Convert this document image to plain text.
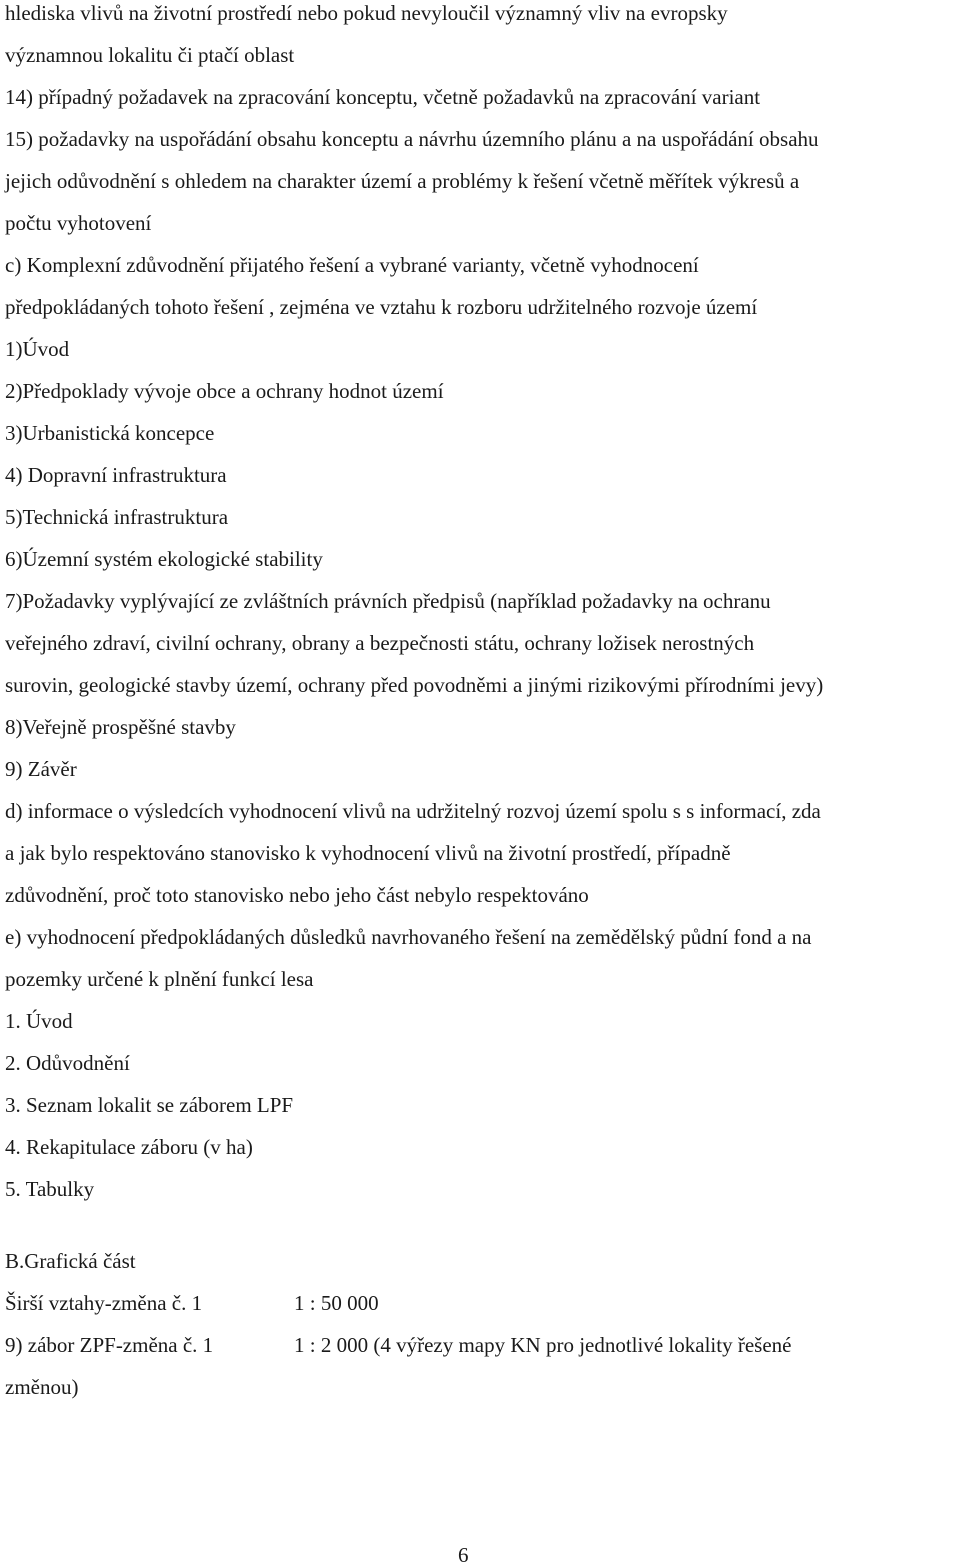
hlediska vlivů na životní prostředí nebo pokud nevyloučil významný vliv na evropsky
významnou lokalitu či ptačí oblast
14) případný požadavek na zpracování konceptu, včetně požadavků na zpracování variant
15) požadavky na uspořádání obsahu konceptu a návrhu územního plánu a na uspořádání obsahu
jejich odůvodnění s ohledem na charakter území a problémy k řešení včetně měřítek výkresů a
počtu vyhotovení
c) Komplexní zdůvodnění přijatého řešení a vybrané varianty, včetně vyhodnocení
předpokládaných tohoto řešení , zejména ve vztahu k rozboru udržitelného rozvoje území
1)Úvod
2)Předpoklady vývoje obce a ochrany hodnot území
3)Urbanistická koncepce
4) Dopravní infrastruktura
5)Technická infrastruktura
6)Územní systém ekologické stability
7)Požadavky vyplývající ze zvláštních právních předpisů (například požadavky na ochranu
veřejného zdraví, civilní ochrany, obrany a bezpečnosti státu, ochrany ložisek nerostných
surovin, geologické stavby území, ochrany před povodněmi a jinými rizikovými přírodními jevy)
8)Veřejně prospěšné stavby
9) Závěr
d) informace o výsledcích vyhodnocení vlivů na udržitelný rozvoj území spolu s s informací, zda
a jak bylo respektováno stanovisko k vyhodnocení vlivů na životní prostředí, případně
zdůvodnění, proč toto stanovisko nebo jeho část nebylo respektováno
e) vyhodnocení předpokládaných důsledků navrhovaného řešení na zemědělský půdní fond a na
pozemky určené k plnění funkcí lesa
1. Úvod
2. Odůvodnění
3. Seznam lokalit se záborem LPF
4. Rekapitulace záboru (v ha)
5. Tabulky
B.Grafická část
Širší vztahy-změna č. 1	1 : 50 000
9) zábor ZPF-změna č. 1	1 : 2 000 (4 výřezy mapy KN pro jednotlivé lokality řešené
změnou)
6
